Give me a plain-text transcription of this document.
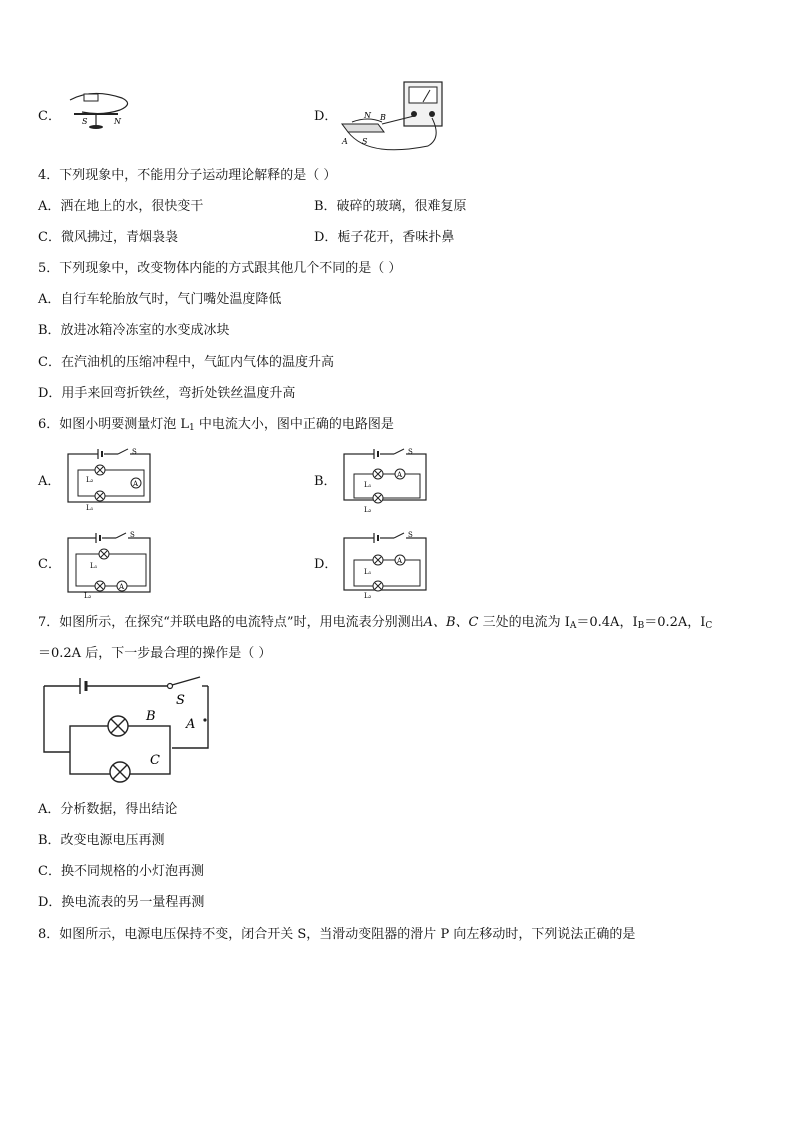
C．	S	N	D．	N B
A S
4．下列现象中，不能用分子运动理论解释的是（ ）
A．洒在地上的水，很快变干	B．破碎的玻璃，很难复原
C．微风拂过，青烟袅袅	D．栀子花开，香味扑鼻
5．下列现象中，改变物体内能的方式跟其他几个不同的是（ ）
A．自行车轮胎放气时，气门嘴处温度降低
B．放进冰箱冷冻室的水变成冰块
C．在汽油机的压缩冲程中，气缸内气体的温度升高
D．用手来回弯折铁丝，弯折处铁丝温度升高
6．如图小明要测量灯泡 $L_1$ 中电流大小，图中正确的电路图是
A．
S
A
L₂
L₁
B．
S
A
L₁
L₂
C．
S
A
L₁
L₂
D．
S
A
L₁
L₂
7．如图所示，在探究“并联电路的电流特点”时，用电流表分别测出A、B、C 三处的电流为 $I_A=0.4A$，$I_B=0.2A$，$I_C$
＝0.2A 后，下一步最合理的操作是（ ）
S
A
B
C
A．分析数据，得出结论
B．改变电源电压再测
C．换不同规格的小灯泡再测
D．换电流表的另一量程再测
8．如图所示，电源电压保持不变，闭合开关 S，当滑动变阻器的滑片 P 向左移动时，下列说法正确的是
